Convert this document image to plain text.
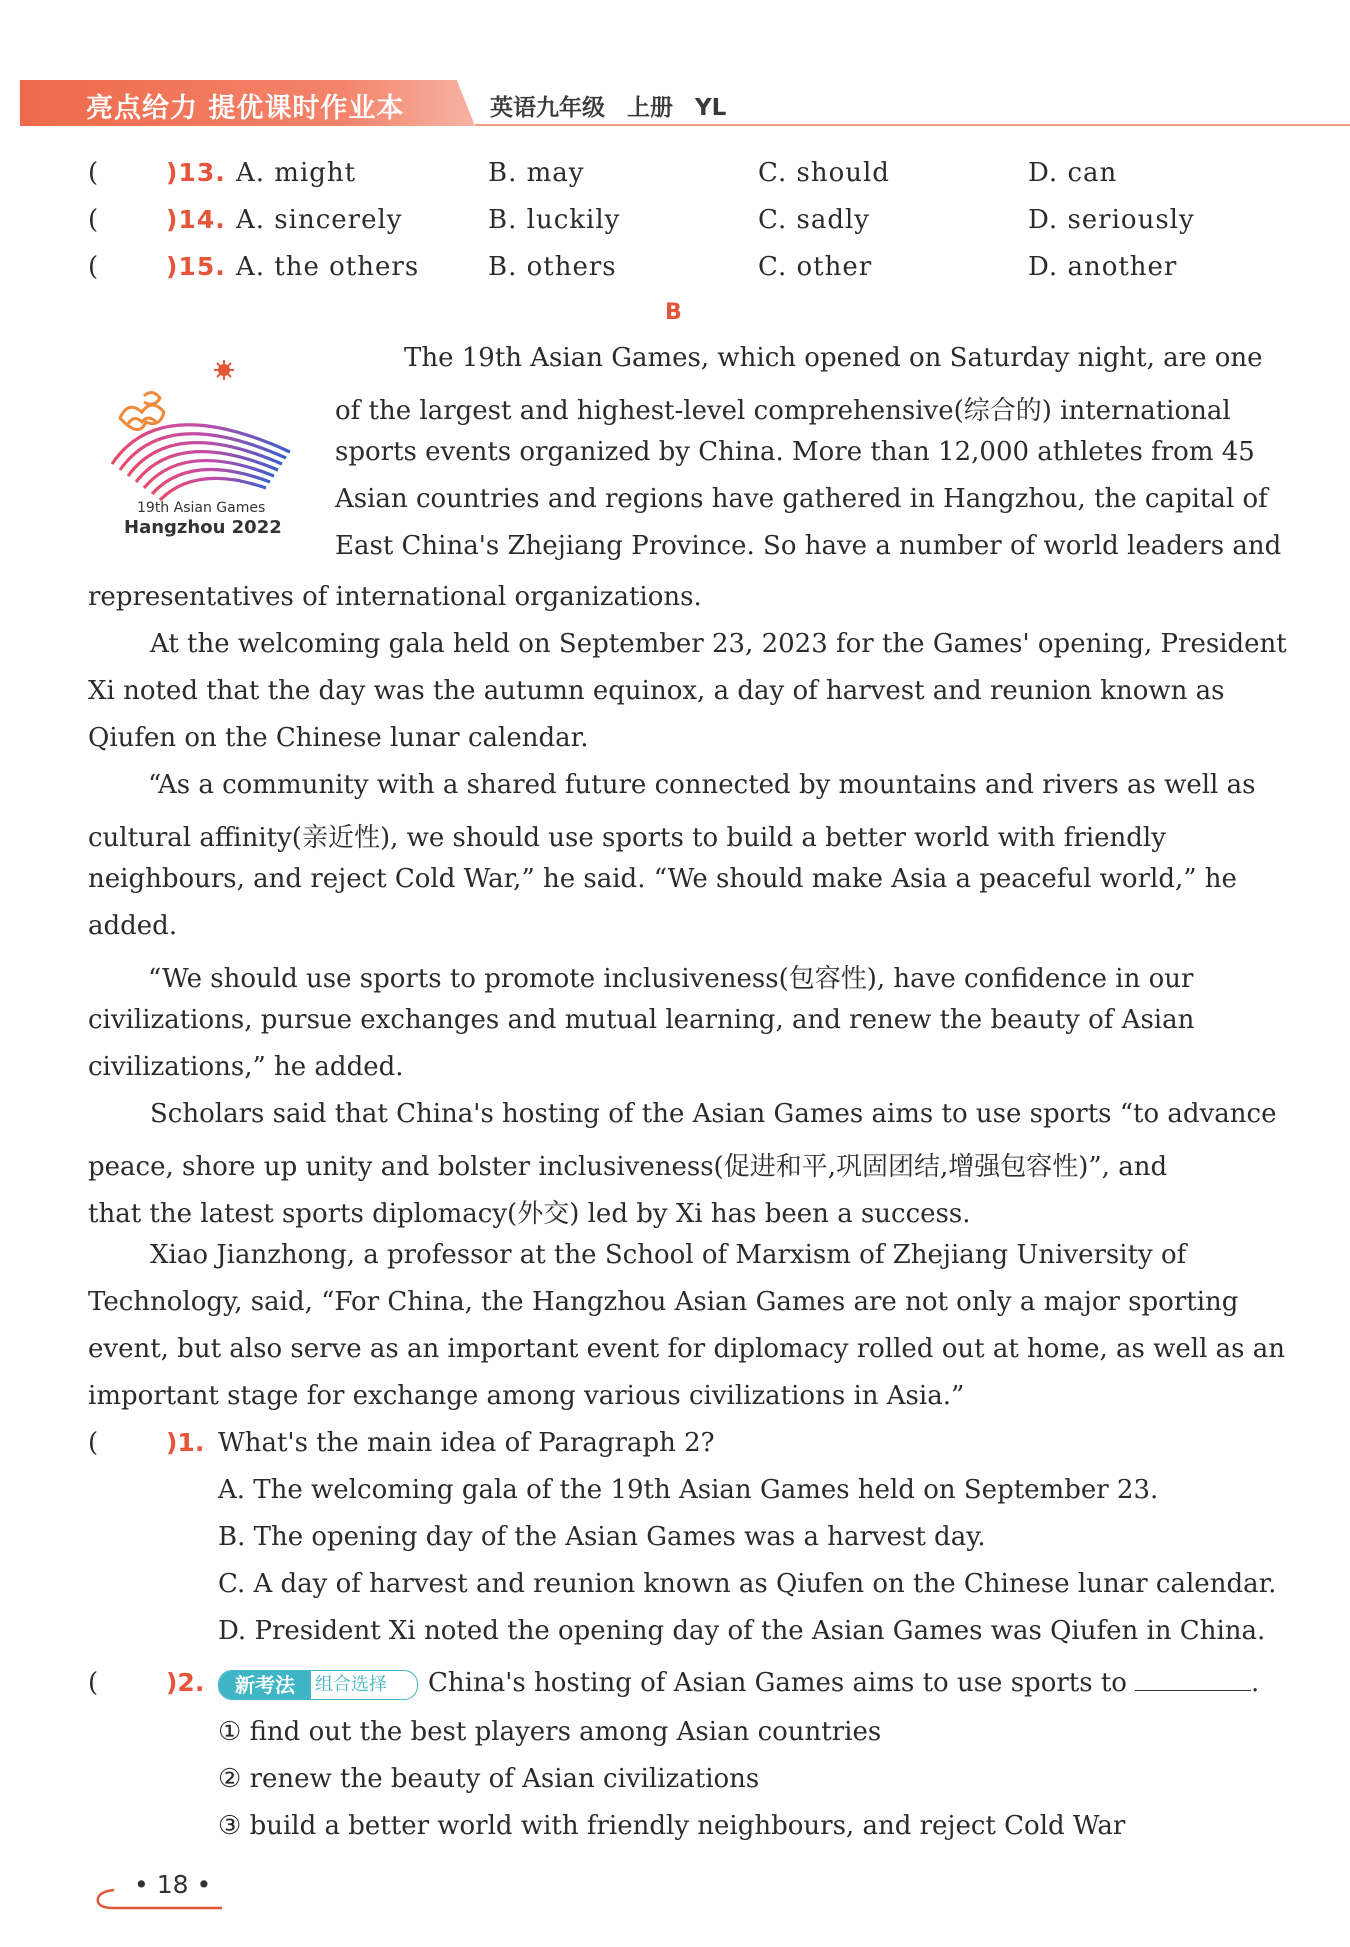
亮点给力 提优课时作业本	英语九年级 上册 YL
(	)13. A. might	B. may	C. should	D. can
(	)14. A. sincerely	B. luckily	C. sadly	D. seriously
(	)15. A. the others	B. others	C. other	D. another
B
19th Asian Games
Hangzhou 2022
The 19th Asian Games, which opened on Saturday night, are one
of the largest and highest-level comprehensive(综合的) international
sports events organized by China. More than 12,000 athletes from 45
Asian countries and regions have gathered in Hangzhou, the capital of
East China's Zhejiang Province. So have a number of world leaders and
representatives of international organizations.
At the welcoming gala held on September 23, 2023 for the Games' opening, President
Xi noted that the day was the autumn equinox, a day of harvest and reunion known as
Qiufen on the Chinese lunar calendar.
“As a community with a shared future connected by mountains and rivers as well as
cultural affinity(亲近性), we should use sports to build a better world with friendly
neighbours, and reject Cold War,” he said. “We should make Asia a peaceful world,” he
added.
“We should use sports to promote inclusiveness(包容性), have confidence in our
civilizations, pursue exchanges and mutual learning, and renew the beauty of Asian
civilizations,” he added.
Scholars said that China's hosting of the Asian Games aims to use sports “to advance
peace, shore up unity and bolster inclusiveness(促进和平,巩固团结,增强包容性)”, and
that the latest sports diplomacy(外交) led by Xi has been a success.
Xiao Jianzhong, a professor at the School of Marxism of Zhejiang University of
Technology, said, “For China, the Hangzhou Asian Games are not only a major sporting
event, but also serve as an important event for diplomacy rolled out at home, as well as an
important stage for exchange among various civilizations in Asia.”
(	)1. What's the main idea of Paragraph 2?
A. The welcoming gala of the 19th Asian Games held on September 23.
B. The opening day of the Asian Games was a harvest day.
C. A day of harvest and reunion known as Qiufen on the Chinese lunar calendar.
D. President Xi noted the opening day of the Asian Games was Qiufen in China.
(	)2.	新考法	组合选择 China's hosting of Asian Games aims to use sports to	.
① find out the best players among Asian countries
② renew the beauty of Asian civilizations
③ build a better world with friendly neighbours, and reject Cold War
• 18 •
